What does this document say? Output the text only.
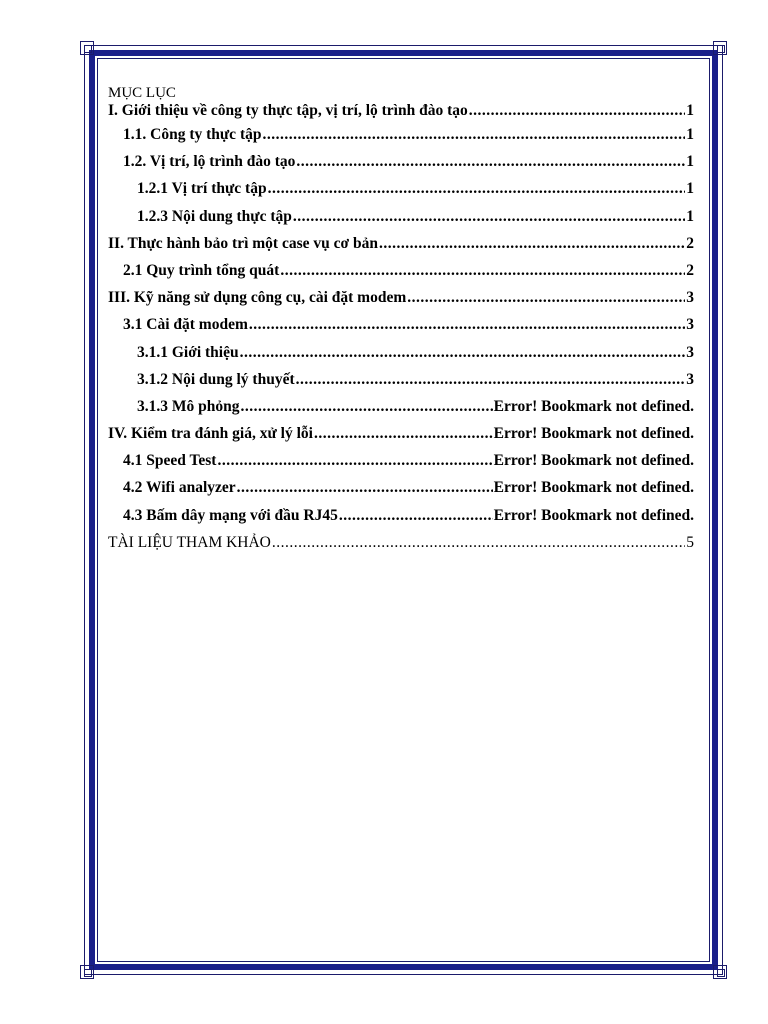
MỤC LỤC
I. Giới thiệu về công ty thực tập, vị trí, lộ trình đào tạo .....	1
1.1. Công ty thực tập .....	1
1.2. Vị trí, lộ trình đào tạo .....	1
1.2.1 Vị trí thực tập .....	1
1.2.3 Nội dung thực tập .....	1
II. Thực hành bảo trì một case vụ cơ bản .....	2
2.1 Quy trình tổng quát .....	2
III. Kỹ năng sử dụng công cụ, cài đặt modem .....	3
3.1 Cài đặt modem .....	3
3.1.1 Giới thiệu .....	3
3.1.2 Nội dung lý thuyết .....	3
3.1.3 Mô phỏng .....	Error! Bookmark not defined.
IV. Kiểm tra đánh giá, xử lý lỗi .....	Error! Bookmark not defined.
4.1 Speed Test .....	Error! Bookmark not defined.
4.2 Wifi analyzer .....	Error! Bookmark not defined.
4.3 Bấm dây mạng với đầu RJ45 .....	Error! Bookmark not defined.
TÀI LIỆU THAM KHẢO .....	5
